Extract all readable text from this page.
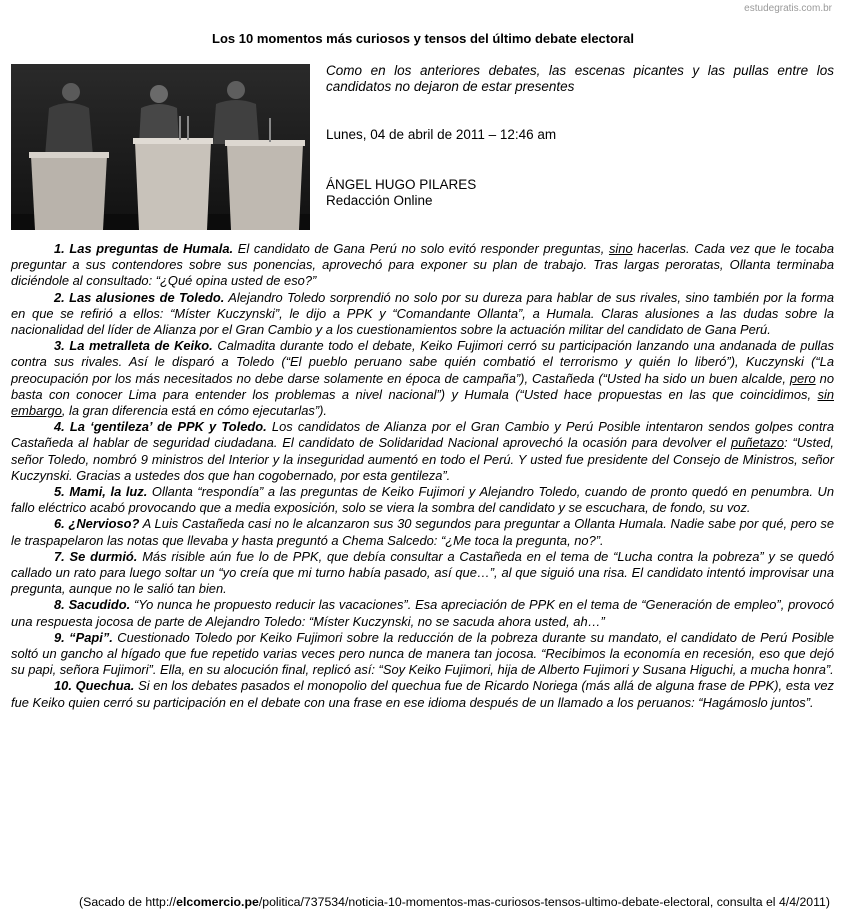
estudegratis.com.br
Los 10 momentos más curiosos y tensos del último debate electoral
Como en los anteriores debates, las escenas picantes y las pullas entre los candidatos no dejaron de estar presentes
Lunes, 04 de abril de 2011 – 12:46 am
ÁNGEL HUGO PILARES
Redacción Online

1. Las preguntas de Humala. El candidato de Gana Perú no solo evitó responder preguntas, sino hacerlas. Cada vez que le tocaba preguntar a sus contendores sobre sus ponencias, aprovechó para exponer su plan de trabajo. Tras largas peroratas, Ollanta terminaba diciéndole al consultado: “¿Qué opina usted de eso?”

2. Las alusiones de Toledo. Alejandro Toledo sorprendió no solo por su dureza para hablar de sus rivales, sino también por la forma en que se refirió a ellos: “Míster Kuczynski”, le dijo a PPK y “Comandante Ollanta”, a Humala. Claras alusiones a las dudas sobre la nacionalidad del líder de Alianza por el Gran Cambio y a los cuestionamientos sobre la actuación militar del candidato de Gana Perú.

3. La metralleta de Keiko. Calmadita durante todo el debate, Keiko Fujimori cerró su participación lanzando una andanada de pullas contra sus rivales. Así le disparó a Toledo (“El pueblo peruano sabe quién combatió el terrorismo y quién lo liberó”), Kuczynski (“La preocupación por los más necesitados no debe darse solamente en época de campaña”), Castañeda (“Usted ha sido un buen alcalde, pero no basta con conocer Lima para entender los problemas a nivel nacional”) y Humala (“Usted hace propuestas en las que coincidimos, sin embargo, la gran diferencia está en cómo ejecutarlas”).

4. La ‘gentileza’ de PPK y Toledo. Los candidatos de Alianza por el Gran Cambio y Perú Posible intentaron sendos golpes contra Castañeda al hablar de seguridad ciudadana. El candidato de Solidaridad Nacional aprovechó la ocasión para devolver el puñetazo: “Usted, señor Toledo, nombró 9 ministros del Interior y la inseguridad aumentó en todo el Perú. Y usted fue presidente del Consejo de Ministros, señor Kuczynski. Gracias a ustedes dos que han cogobernado, por esta gentileza”.

5. Mami, la luz. Ollanta “respondía” a las preguntas de Keiko Fujimori y Alejandro Toledo, cuando de pronto quedó en penumbra. Un fallo eléctrico acabó provocando que a media exposición, solo se viera la sombra del candidato y se escuchara, de fondo, su voz.

6. ¿Nervioso? A Luis Castañeda casi no le alcanzaron sus 30 segundos para preguntar a Ollanta Humala. Nadie sabe por qué, pero se le traspapelaron las notas que llevaba y hasta preguntó a Chema Salcedo: “¿Me toca la pregunta, no?”.

7. Se durmió. Más risible aún fue lo de PPK, que debía consultar a Castañeda en el tema de “Lucha contra la pobreza” y se quedó callado un rato para luego soltar un “yo creía que mi turno había pasado, así que…”, al que siguió una risa. El candidato intentó improvisar una pregunta, aunque no le salió tan bien.

8. Sacudido. “Yo nunca he propuesto reducir las vacaciones”. Esa apreciación de PPK en el tema de “Generación de empleo”, provocó una respuesta jocosa de parte de Alejandro Toledo: “Míster Kuczynski, no se sacuda ahora usted, ah…”

9. “Papi”. Cuestionado Toledo por Keiko Fujimori sobre la reducción de la pobreza durante su mandato, el candidato de Perú Posible soltó un gancho al hígado que fue repetido varias veces pero nunca de manera tan jocosa. “Recibimos la economía en recesión, eso que dejó su papi, señora Fujimori”. Ella, en su alocución final, replicó así: “Soy Keiko Fujimori, hija de Alberto Fujimori y Susana Higuchi, a mucha honra”.

10. Quechua. Si en los debates pasados el monopolio del quechua fue de Ricardo Noriega (más allá de alguna frase de PPK), esta vez fue Keiko quien cerró su participación en el debate con una frase en ese idioma después de un llamado a los peruanos: “Hagámoslo juntos”.

(Sacado de http://elcomercio.pe/politica/737534/noticia-10-momentos-mas-curiosos-tensos-ultimo-debate-electoral, consulta el 4/4/2011)
